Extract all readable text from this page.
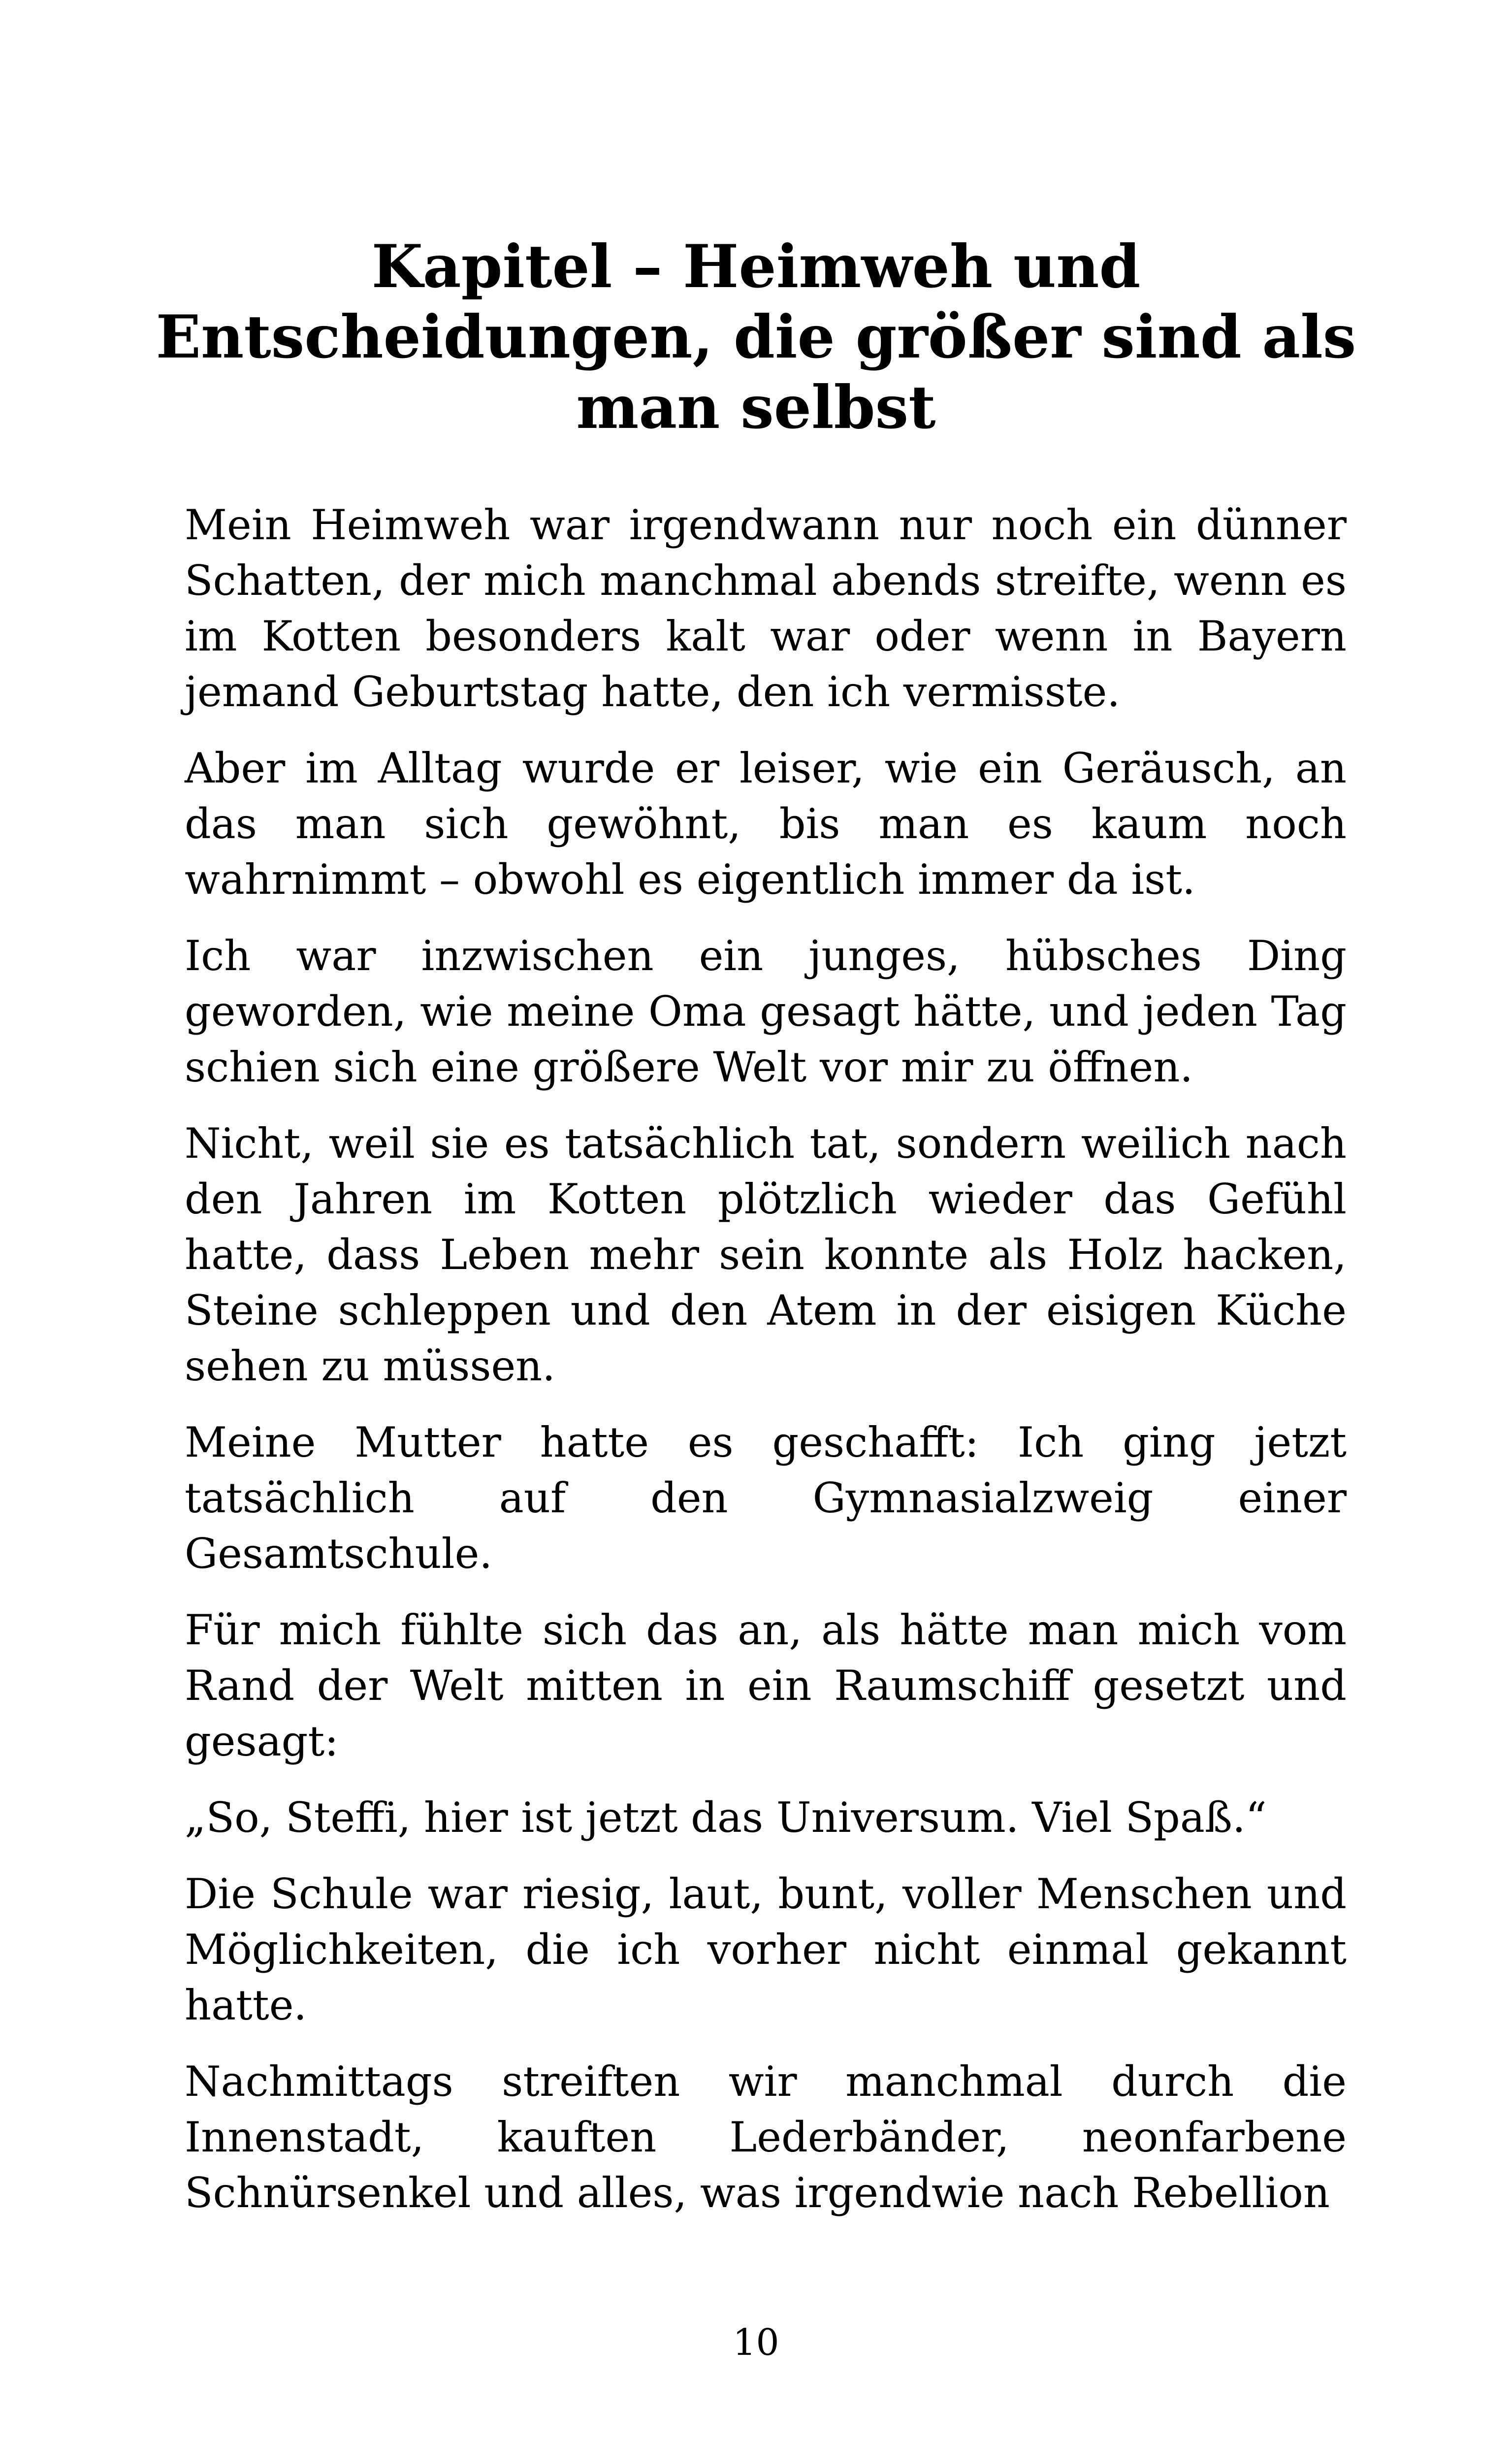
Kapitel – Heimweh und Entscheidungen, die größer sind als man selbst

Mein Heimweh war irgendwann nur noch ein dünner Schatten, der mich manchmal abends streifte, wenn es im Kotten besonders kalt war oder wenn in Bayern jemand Geburtstag hatte, den ich vermisste.

Aber im Alltag wurde er leiser, wie ein Geräusch, an das man sich gewöhnt, bis man es kaum noch wahrnimmt – obwohl es eigentlich immer da ist.

Ich war inzwischen ein junges, hübsches Ding geworden, wie meine Oma gesagt hätte, und jeden Tag schien sich eine größere Welt vor mir zu öffnen.

Nicht, weil sie es tatsächlich tat, sondern weilich nach den Jahren im Kotten plötzlich wieder das Gefühl hatte, dass Leben mehr sein konnte als Holz hacken, Steine schleppen und den Atem in der eisigen Küche sehen zu müssen.

Meine Mutter hatte es geschafft: Ich ging jetzt tatsächlich auf den Gymnasialzweig einer Gesamtschule.

Für mich fühlte sich das an, als hätte man mich vom Rand der Welt mitten in ein Raumschiff gesetzt und gesagt:

„So, Steffi, hier ist jetzt das Universum. Viel Spaß.“

Die Schule war riesig, laut, bunt, voller Menschen und Möglichkeiten, die ich vorher nicht einmal gekannt hatte.

Nachmittags streiften wir manchmal durch die Innenstadt, kauften Lederbänder, neonfarbene Schnürsenkel und alles, was irgendwie nach Rebellion

10
